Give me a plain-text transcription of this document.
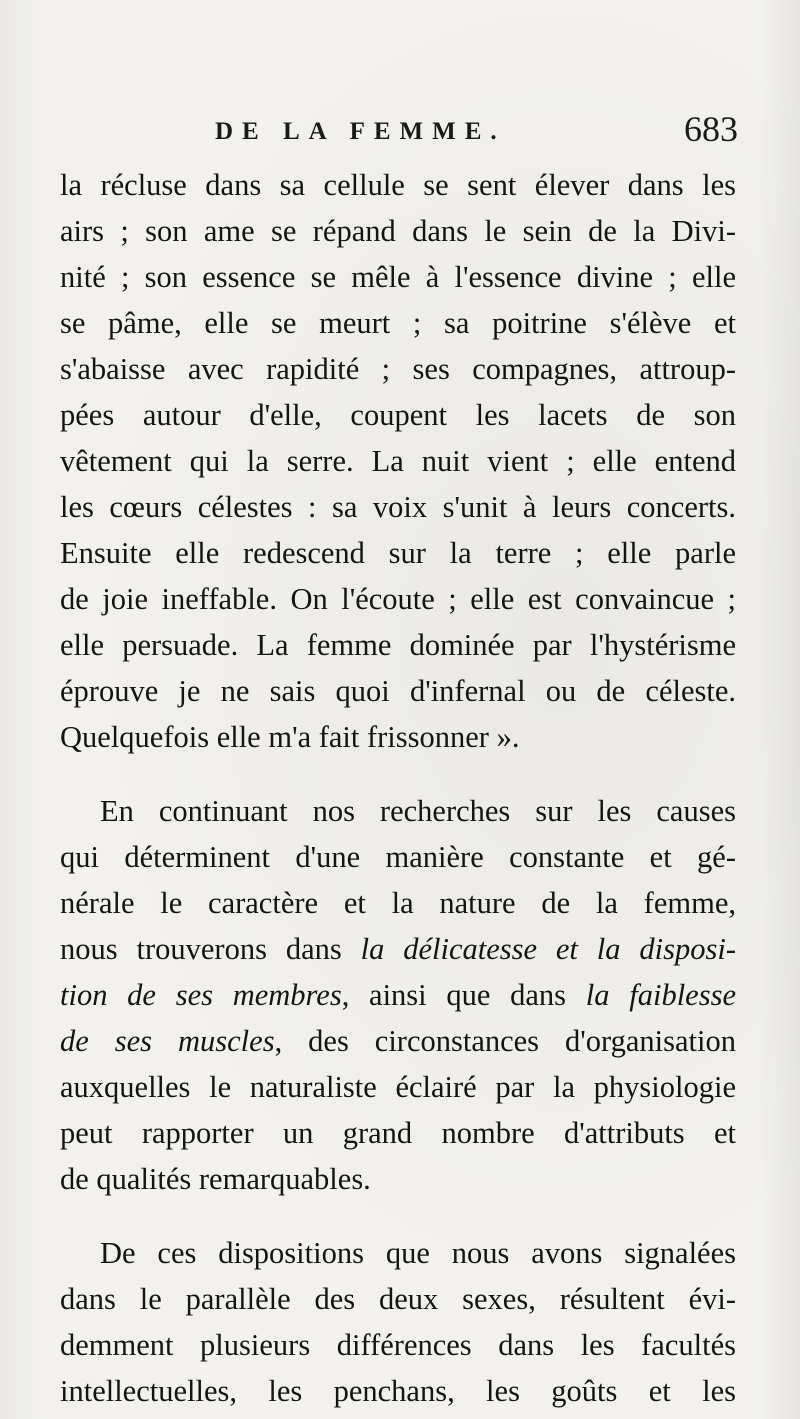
DE LA FEMME.	683
la récluse dans sa cellule se sent élever dans les
airs ; son ame se répand dans le sein de la Divi-
nité ; son essence se mêle à l'essence divine ; elle
se pâme, elle se meurt ; sa poitrine s'élève et
s'abaisse avec rapidité ; ses compagnes, attroup-
pées autour d'elle, coupent les lacets de son
vêtement qui la serre. La nuit vient ; elle entend
les cœurs célestes : sa voix s'unit à leurs concerts.
Ensuite elle redescend sur la terre ; elle parle
de joie ineffable. On l'écoute ; elle est convaincue ;
elle persuade. La femme dominée par l'hystérisme
éprouve je ne sais quoi d'infernal ou de céleste.
Quelquefois elle m'a fait frissonner ».
En continuant nos recherches sur les causes
qui déterminent d'une manière constante et gé-
nérale le caractère et la nature de la femme,
nous trouverons dans la délicatesse et la disposi-
tion de ses membres, ainsi que dans la faiblesse
de ses muscles, des circonstances d'organisation
auxquelles le naturaliste éclairé par la physiologie
peut rapporter un grand nombre d'attributs et
de qualités remarquables.
De ces dispositions que nous avons signalées
dans le parallèle des deux sexes, résultent évi-
demment plusieurs différences dans les facultés
intellectuelles, les penchans, les goûts et les
